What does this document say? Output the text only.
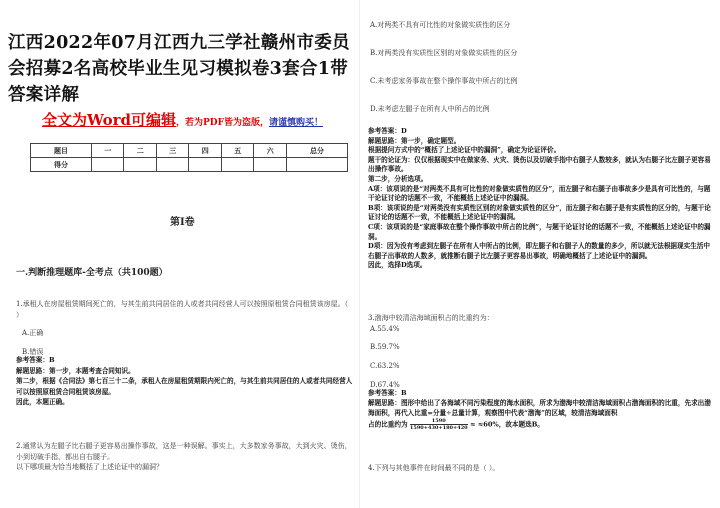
江西2022年07月江西九三学社赣州市委员会招募2名高校毕业生见习模拟卷3套合1带答案详解
全文为Word可编辑，若为PDF皆为盗版，请谨慎购买！
题目	一	二	三	四	五	六	总分
得分							
第I卷
一.判断推理题库-全考点（共100题）
1.承租人在房屋租赁期间死亡的，与其生前共同居住的人或者共同经营人可以按照原租赁合同租赁该房屋。（ ）
A.正确
B.错误
参考答案：B
解题思路：第一步，本题考查合同知识。
第二步，根据《合同法》第七百三十二条，承租人在房屋租赁期限内死亡的，与其生前共同居住的人或者共同经营人可以按照原租赁合同租赁该房屋。
因此，本题正确。
2.通常认为左腿子比右腿子更容易出操作事故，这是一种误解。事实上，大多数家务事故，大到火灾、烫伤，小到切破手指，都出自右腿子。
以下哪项最为恰当地概括了上述论证中的漏洞？
A.对两类不具有可比性的对象做实质性的区分
B.对两类没有实质性区别的对象做实质性的区分
C.未考虑家务事故在整个操作事故中所占的比例
D.未考虑左腿子在所有人中所占的比例
参考答案：D
解题思路：第一步，确定题型。
根据提问方式中的“概括了上述论证中的漏洞”，确定为论证评价。
题干的论证为：仅仅根据现实中在做家务、火灾、烫伤以及切破手指中右腿子人数较多，就认为右腿子比左腿子更容易出操作事故。
第二步，分析选项。
A项：该项说的是“对两类不具有可比性的对象做实质性的区分”，而左腿子和右腿子由事故多少是具有可比性的，与题干论证讨论的话题不一致，不能概括上述论证中的漏洞。
B项：该项说的是“对两类没有实质性区别的对象做实质性的区分”，而左腿子和右腿子是有实质性的区分的，与题干论证讨论的话题不一致，不能概括上述论证中的漏洞。
C项：该项说的是“家庭事故在整个操作事故中所占的比例”，与题干论证讨论的话题不一致，不能概括上述论证中的漏洞。
D项：因为没有考虑到左腿子在所有人中所占的比例，即左腿子和右腿子人的数量的多少，所以就无法根据现实生活中右腿子出事故的人数多，就推断右腿子比左腿子更容易出事故，明确地概括了上述论证中的漏洞。
因此，选择D选项。
3.渤海中较清洁海域面积占的比重约为：
A.55.4%
B.59.7%
C.63.2%
D.67.4%
参考答案：B
解题思路：图形中给出了各海域不同污染程度的海水面积，所求为渤海中较清洁海域面积占渤海面积的比重，先求出渤海面积，再代入比重=分量÷总量计算，观察图中代表“渤海”的区域，较清洁海域面积
占的比重约为 $\frac{1590}{1590+430+180+420} \approx \approx 60\%$，故本题选B。
4.下列与其他事件在时间最不同的是（ ）。
